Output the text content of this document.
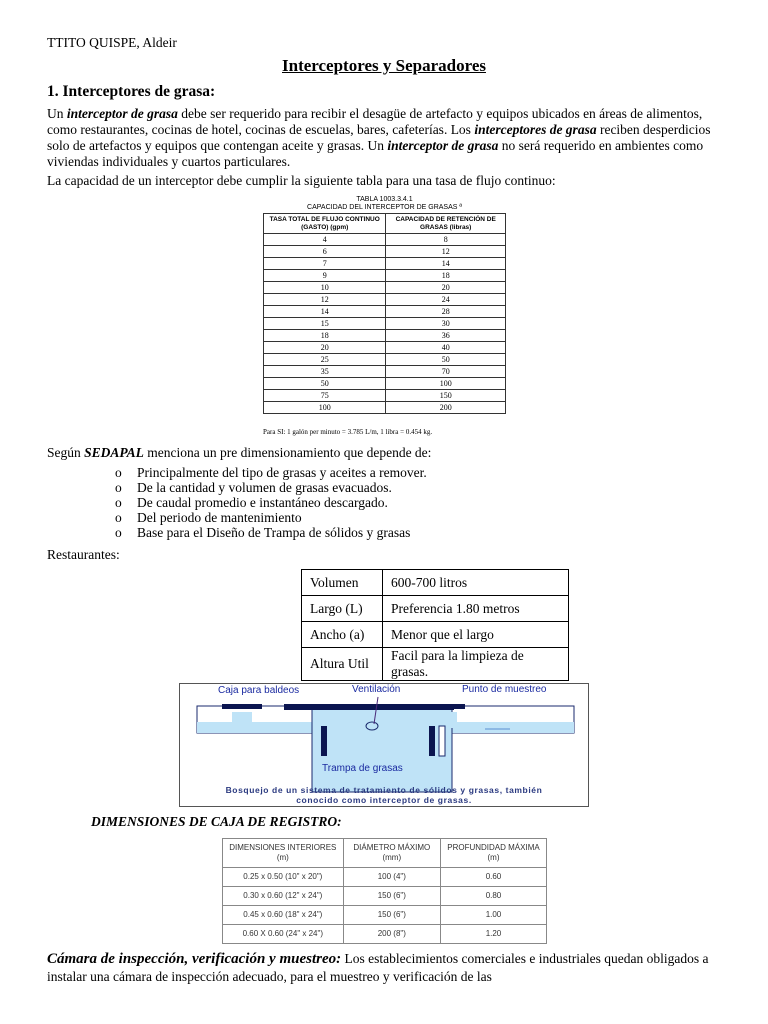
TTITO QUISPE, Aldeir
Interceptores y Separadores
1. Interceptores de grasa:

Un interceptor de grasa debe ser requerido para recibir el desagüe de artefacto y equipos ubicados en áreas de alimentos, como restaurantes, cocinas de hotel, cocinas de escuelas, bares, cafeterías. Los interceptores de grasa reciben desperdicios solo de artefactos y equipos que contengan aceite y grasas. Un interceptor de grasa no será requerido en ambientes como viviendas individuales y cuartos particulares.

La capacidad de un interceptor debe cumplir la siguiente tabla para una tasa de flujo continuo:

TABLA 1003.3.4.1
CAPACIDAD DEL INTERCEPTOR DE GRASAS ª
TASA TOTAL DE FLUJO CONTINUO (GASTO) (gpm)	CAPACIDAD DE RETENCIÓN DE GRASAS (libras)
4	8
6	12
7	14
9	18
10	20
12	24
14	28
15	30
18	36
20	40
25	50
35	70
50	100
75	150
100	200
Para SI: 1 galón per minuto = 3.785 L/m, 1 libra = 0.454 kg.

Según SEDAPAL menciona un pre dimensionamiento que depende de:

o Principalmente del tipo de grasas y aceites a remover.
o De la cantidad y volumen de grasas evacuados.
o De caudal promedio e instantáneo descargado.
o Del periodo de mantenimiento
o Base para el Diseño de Trampa de sólidos y grasas
Restaurantes:
Volumen	600-700 litros
Largo (L)	Preferencia 1.80 metros
Ancho (a)	Menor que el largo
Altura Util	Facil para la limpieza de grasas.
Caja para baldeos	Ventilación	Punto de muestreo
Trampa de grasas
Bosquejo de un sistema de tratamiento de sólidos y grasas, también
conocido como interceptor de grasas.
DIMENSIONES DE CAJA DE REGISTRO:
DIMENSIONES INTERIORES (m)	DIÁMETRO MÁXIMO (mm)	PROFUNDIDAD MÁXIMA (m)
0.25 x 0.50 (10" x 20")	100 (4")	0.60
0.30 x 0.60 (12" x 24")	150 (6")	0.80
0.45 x 0.60 (18" x 24")	150 (6")	1.00
0.60 X 0.60 (24" x 24")	200 (8")	1.20

Cámara de inspección, verificación y muestreo: Los establecimientos comerciales e industriales quedan obligados a instalar una cámara de inspección adecuado, para el muestreo y verificación de las
